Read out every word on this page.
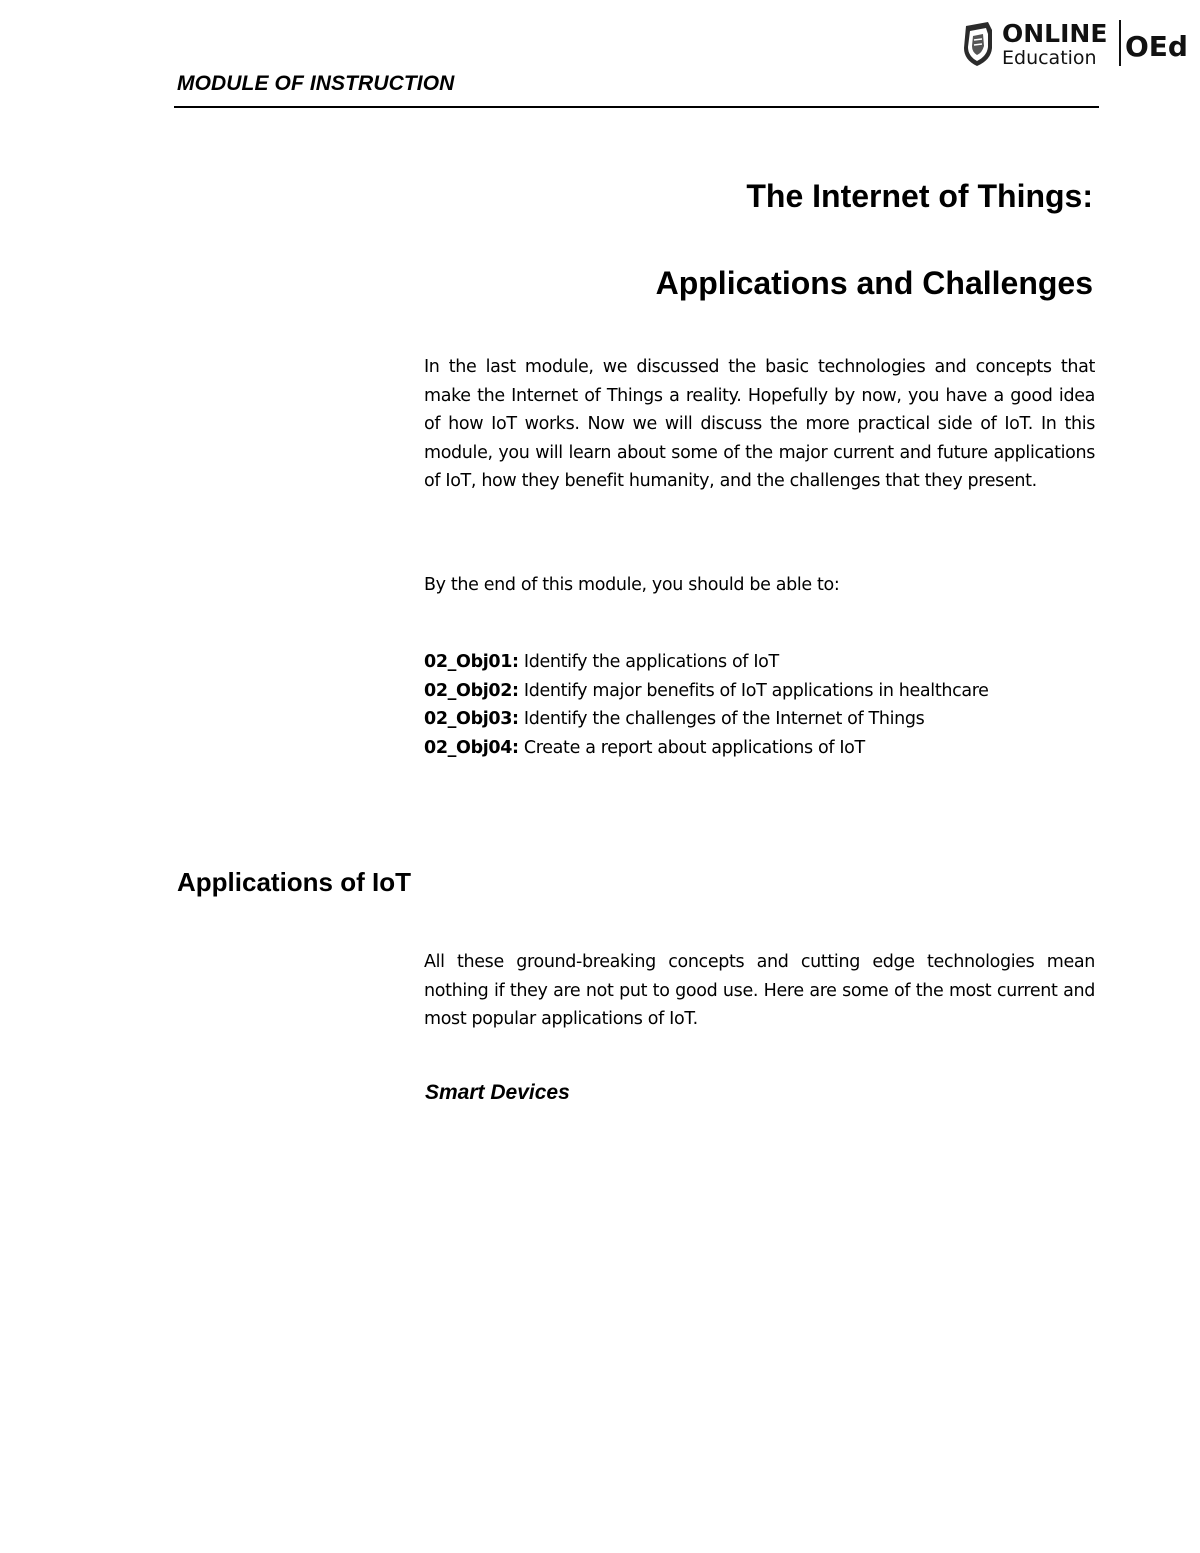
MODULE OF INSTRUCTION
ONLINE
Education OEd
The Internet of Things:
Applications and Challenges
In the last module, we discussed the basic technologies and concepts that make the Internet of Things a reality. Hopefully by now, you have a good idea of how IoT works. Now we will discuss the more practical side of IoT. In this module, you will learn about some of the major current and future applications of IoT, how they benefit humanity, and the challenges that they present.
By the end of this module, you should be able to:
02_Obj01: Identify the applications of IoT
02_Obj02: Identify major benefits of IoT applications in healthcare
02_Obj03: Identify the challenges of the Internet of Things
02_Obj04: Create a report about applications of IoT
Applications of IoT
All these ground-breaking concepts and cutting edge technologies mean nothing if they are not put to good use. Here are some of the most current and most popular applications of IoT.
Smart Devices
